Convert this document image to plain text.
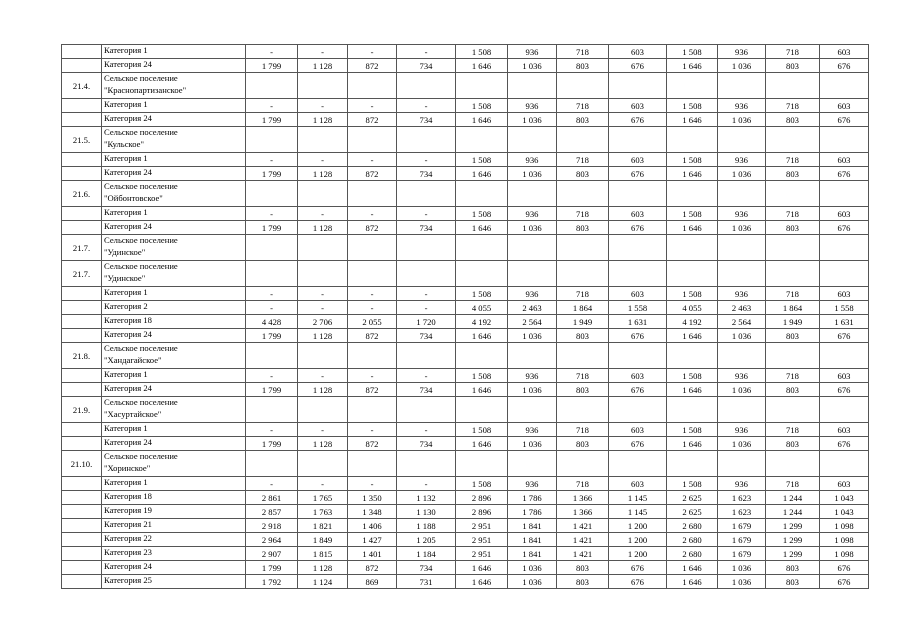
	Категория 1	-	-	-	-	1 508	936	718	603	1 508	936	718	603

	Категория 24	1 799	1 128	872	734	1 646	1 036	803	676	1 646	1 036	803	676
21.4.	Сельское поселение
"Краснопартизанское"												

	Категория 1	-	-	-	-	1 508	936	718	603	1 508	936	718	603

	Категория 24	1 799	1 128	872	734	1 646	1 036	803	676	1 646	1 036	803	676
21.5.	Сельское поселение
"Кульское"												

	Категория 1	-	-	-	-	1 508	936	718	603	1 508	936	718	603

	Категория 24	1 799	1 128	872	734	1 646	1 036	803	676	1 646	1 036	803	676
21.6.	Сельское поселение
"Ойбонтовское"												

	Категория 1	-	-	-	-	1 508	936	718	603	1 508	936	718	603

	Категория 24	1 799	1 128	872	734	1 646	1 036	803	676	1 646	1 036	803	676
21.7.	Сельское поселение
"Удинское"												

21.7.	Сельское поселение
"Удинское"												

	Категория 1	-	-	-	-	1 508	936	718	603	1 508	936	718	603

	Категория 2	-	-	-	-	4 055	2 463	1 864	1 558	4 055	2 463	1 864	1 558

	Категория 18	4 428	2 706	2 055	1 720	4 192	2 564	1 949	1 631	4 192	2 564	1 949	1 631

	Категория 24	1 799	1 128	872	734	1 646	1 036	803	676	1 646	1 036	803	676
21.8.	Сельское поселение
"Хандагайское"												

	Категория 1	-	-	-	-	1 508	936	718	603	1 508	936	718	603

	Категория 24	1 799	1 128	872	734	1 646	1 036	803	676	1 646	1 036	803	676
21.9.	Сельское поселение
"Хасуртайское"												

	Категория 1	-	-	-	-	1 508	936	718	603	1 508	936	718	603

	Категория 24	1 799	1 128	872	734	1 646	1 036	803	676	1 646	1 036	803	676
21.10.	Сельское поселение
"Хоринское"												

	Категория 1	-	-	-	-	1 508	936	718	603	1 508	936	718	603

	Категория 18	2 861	1 765	1 350	1 132	2 896	1 786	1 366	1 145	2 625	1 623	1 244	1 043

	Категория 19	2 857	1 763	1 348	1 130	2 896	1 786	1 366	1 145	2 625	1 623	1 244	1 043

	Категория 21	2 918	1 821	1 406	1 188	2 951	1 841	1 421	1 200	2 680	1 679	1 299	1 098

	Категория 22	2 964	1 849	1 427	1 205	2 951	1 841	1 421	1 200	2 680	1 679	1 299	1 098

	Категория 23	2 907	1 815	1 401	1 184	2 951	1 841	1 421	1 200	2 680	1 679	1 299	1 098

	Категория 24	1 799	1 128	872	734	1 646	1 036	803	676	1 646	1 036	803	676

	Категория 25	1 792	1 124	869	731	1 646	1 036	803	676	1 646	1 036	803	676
